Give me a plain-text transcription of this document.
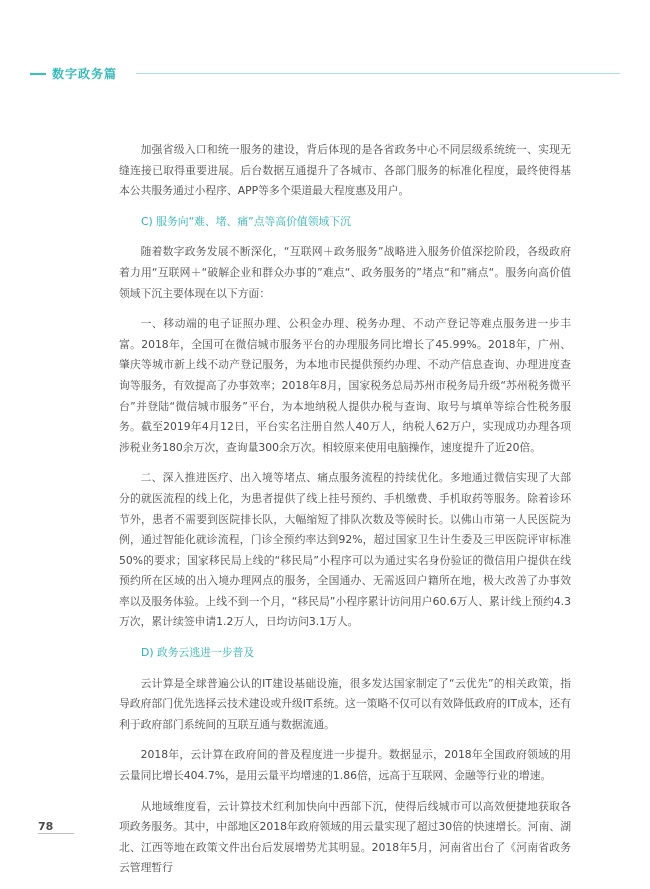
数字政务篇

加强省级入口和统一服务的建设，背后体现的是各省政务中心不同层级系统统一、实现无缝连接已取得重要进展。后台数据互通提升了各城市、各部门服务的标准化程度，最终使得基本公共服务通过小程序、APP等多个渠道最大程度惠及用户。

C) 服务向“难、堵、痛”点等高价值领域下沉

随着数字政务发展不断深化，“互联网＋政务服务”战略进入服务价值深挖阶段，各级政府着力用“互联网＋“破解企业和群众办事的”难点“、政务服务的”堵点“和”痛点“。服务向高价值领域下沉主要体现在以下方面：

一、移动端的电子证照办理、公积金办理、税务办理、不动产登记等难点服务进一步丰富。2018年，全国可在微信城市服务平台的办理服务同比增长了45.99%。2018年，广州、肇庆等城市新上线不动产登记服务，为本地市民提供预约办理、不动产信息查询、办理进度查询等服务，有效提高了办事效率；2018年8月，国家税务总局苏州市税务局升级“苏州税务微平台”并登陆“微信城市服务”平台，为本地纳税人提供办税与查询、取号与填单等综合性税务服务。截至2019年4月12日，平台实名注册自然人40万人，纳税人62万户，实现成功办理各项涉税业务180余万次，查询量300余万次。相较原来使用电脑操作，速度提升了近20倍。

二、深入推进医疗、出入境等堵点、痛点服务流程的持续优化。多地通过微信实现了大部分的就医流程的线上化，为患者提供了线上挂号预约、手机缴费、手机取药等服务。除着诊环节外，患者不需要到医院排长队，大幅缩短了排队次数及等候时长。以佛山市第一人民医院为例，通过智能化就诊流程，门诊全预约率达到92%，超过国家卫生计生委及三甲医院评审标准50%的要求；国家移民局上线的“移民局”小程序可以为通过实名身份验证的微信用户提供在线预约所在区域的出入境办理网点的服务，全国通办、无需返回户籍所在地，极大改善了办事效率以及服务体验。上线不到一个月，“移民局”小程序累计访问用户60.6万人、累计线上预约4.3万次，累计续签申请1.2万人，日均访问3.1万人。

D) 政务云逃进一步普及

云计算是全球普遍公认的IT建设基础设施，很多发达国家制定了“云优先”的相关政策，指导政府部门优先选择云技术建设或升级IT系统。这一策略不仅可以有效降低政府的IT成本，还有利于政府部门系统间的互联互通与数据流通。

2018年，云计算在政府间的普及程度进一步提升。数据显示，2018年全国政府领域的用云量同比增长404.7%，是用云量平均增速的1.86倍，远高于互联网、金融等行业的增速。

从地域维度看，云计算技术红利加快向中西部下沉，使得后线城市可以高效便捷地获取各项政务服务。其中，中部地区2018年政府领域的用云量实现了超过30倍的快速增长。河南、湖北、江西等地在政策文件出台后发展增势尤其明显。2018年5月，河南省出台了《河南省政务云管理暂行

78
